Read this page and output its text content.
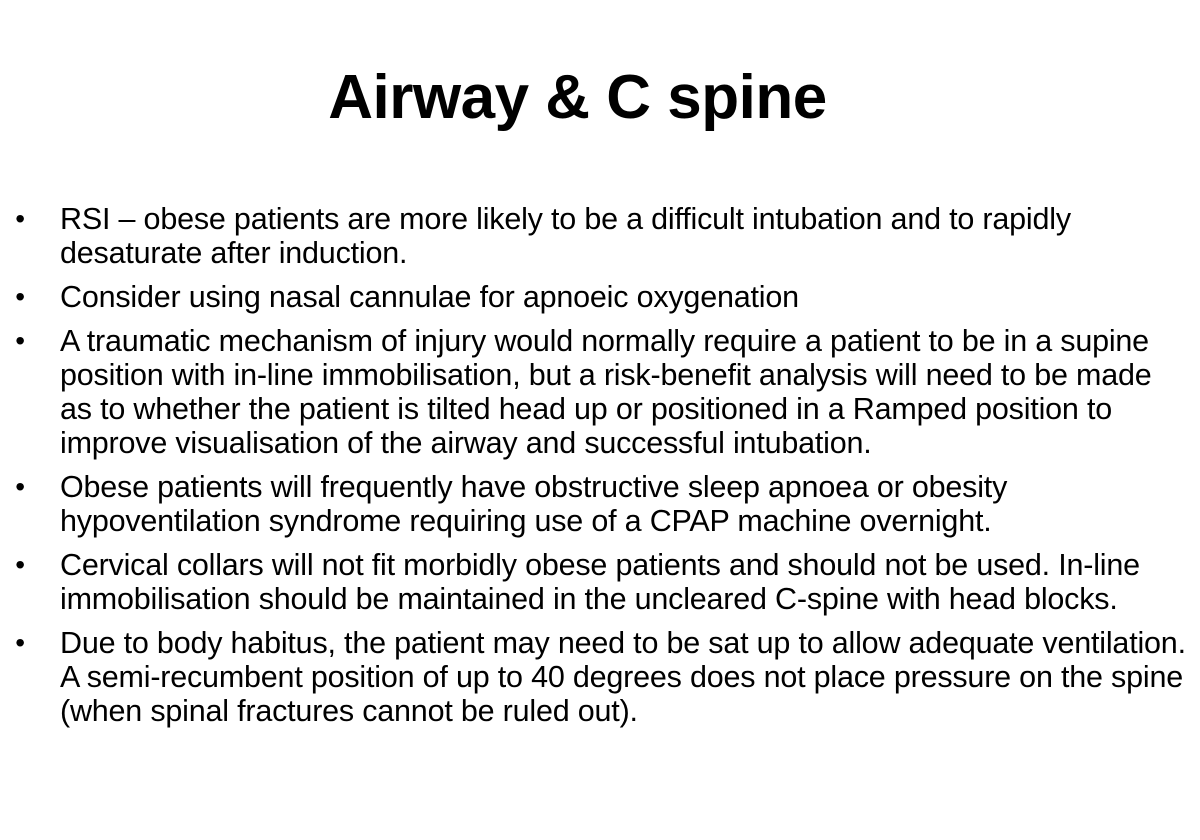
Airway & C spine
• RSI – obese patients are more likely to be a difficult intubation and to rapidly desaturate after induction.
• Consider using nasal cannulae for apnoeic oxygenation
• A traumatic mechanism of injury would normally require a patient to be in a supine position with in-line immobilisation, but a risk-benefit analysis will need to be made as to whether the patient is tilted head up or positioned in a Ramped position to improve visualisation of the airway and successful intubation.
• Obese patients will frequently have obstructive sleep apnoea or obesity hypoventilation syndrome requiring use of a CPAP machine overnight.
• Cervical collars will not fit morbidly obese patients and should not be used. In-line immobilisation should be maintained in the uncleared C-spine with head blocks.
• Due to body habitus, the patient may need to be sat up to allow adequate ventilation. A semi-recumbent position of up to 40 degrees does not place pressure on the spine (when spinal fractures cannot be ruled out).
